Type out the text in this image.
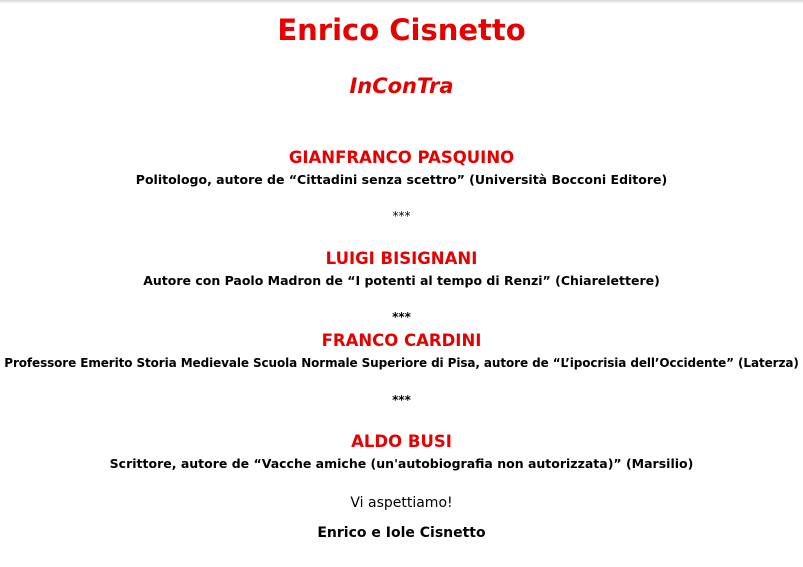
Enrico Cisnetto
InConTra
GIANFRANCO PASQUINO
Politologo, autore de “Cittadini senza scettro” (Università Bocconi Editore)
***
LUIGI BISIGNANI
Autore con Paolo Madron de “I potenti al tempo di Renzi” (Chiarelettere)
***
FRANCO CARDINI
Professore Emerito Storia Medievale Scuola Normale Superiore di Pisa, autore de “L’ipocrisia dell’Occidente” (Laterza)
***
ALDO BUSI
Scrittore, autore de “Vacche amiche (un'autobiografia non autorizzata)” (Marsilio)
Vi aspettiamo!
Enrico e Iole Cisnetto
